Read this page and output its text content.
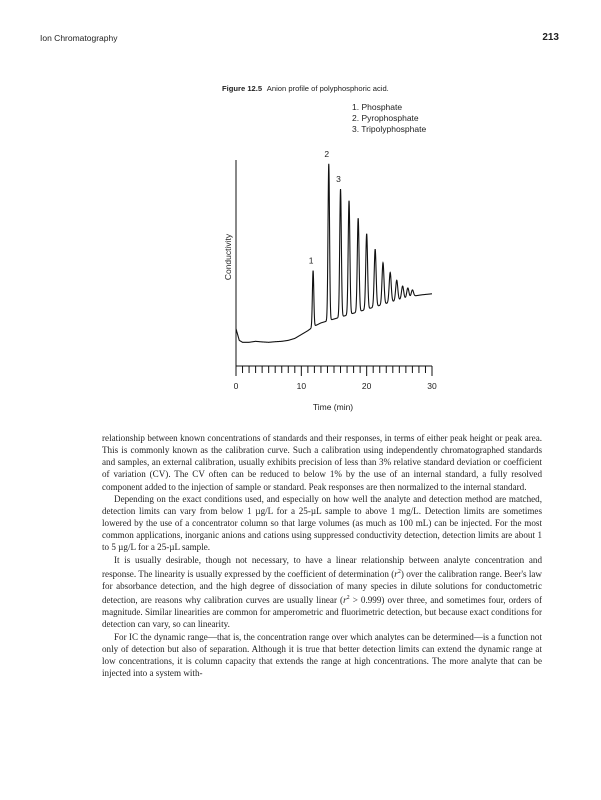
Ion Chromatography	213
Figure 12.5 Anion profile of polyphosphoric acid.
1. Phosphate
2. Pyrophosphate
3. Tripolyphosphate
0	10	20	30
Time (min)
Conductivity	1
2
3

relationship between known concentrations of standards and their responses, in terms of either peak height or peak area. This is commonly known as the calibration curve. Such a calibration using independently chromatographed standards and samples, an external calibration, usually exhibits precision of less than 3% relative standard deviation or coefficient of variation (CV). The CV often can be reduced to below 1% by the use of an internal standard, a fully resolved component added to the injection of sample or standard. Peak responses are then normalized to the internal standard.

Depending on the exact conditions used, and especially on how well the analyte and detection method are matched, detection limits can vary from below 1 µg/L for a 25-µL sample to above 1 mg/L. Detection limits are sometimes lowered by the use of a concentrator column so that large volumes (as much as 100 mL) can be injected. For the most common applications, inorganic anions and cations using suppressed conductivity detection, detection limits are about 1 to 5 µg/L for a 25-µL sample.

It is usually desirable, though not necessary, to have a linear relationship between analyte concentration and response. The linearity is usually expressed by the coefficient of determination $(r^2)$ over the calibration range. Beer's law for absorbance detection, and the high degree of dissociation of many species in dilute solutions for conductometric detection, are reasons why calibration curves are usually linear $(r^2 > 0.999)$ over three, and sometimes four, orders of magnitude. Similar linearities are common for amperometric and fluorimetric detection, but because exact conditions for detection can vary, so can linearity.

For IC the dynamic range—that is, the concentration range over which analytes can be determined—is a function not only of detection but also of separation. Although it is true that better detection limits can extend the dynamic range at low concentrations, it is column capacity that extends the range at high concentrations. The more analyte that can be injected into a system with-
